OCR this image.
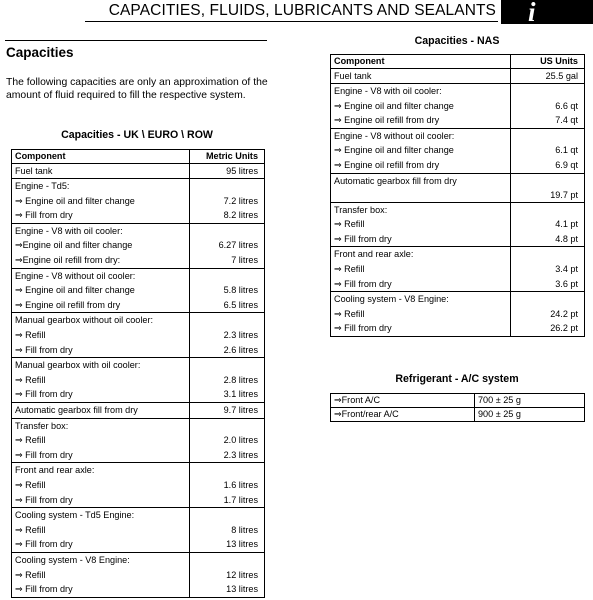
CAPACITIES, FLUIDS, LUBRICANTS AND SEALANTS i
Capacities

The following capacities are only an approximation of the amount of fluid required to fill the respective system.

Capacities - UK \ EURO \ ROW
Component	Metric Units
Fuel tank	95 litres
Engine - Td5:	
⇒ Engine oil and filter change	7.2 litres
⇒ Fill from dry	8.2 litres
Engine - V8 with oil cooler:	
⇒Engine oil and filter change	6.27 litres
⇒Engine oil refill from dry:	7 litres
Engine - V8 without oil cooler:	
⇒ Engine oil and filter change	5.8 litres
⇒ Engine oil refill from dry	6.5 litres
Manual gearbox without oil cooler:	
⇒ Refill	2.3 litres
⇒ Fill from dry	2.6 litres
Manual gearbox with oil cooler:	
⇒ Refill	2.8 litres
⇒ Fill from dry	3.1 litres
Automatic gearbox fill from dry	9.7 litres
Transfer box:	
⇒ Refill	2.0 litres
⇒ Fill from dry	2.3 litres
Front and rear axle:	
⇒ Refill	1.6 litres
⇒ Fill from dry	1.7 litres
Cooling system - Td5 Engine:	
⇒ Refill	8 litres
⇒ Fill from dry	13 litres
Cooling system - V8 Engine:	
⇒ Refill	12 litres
⇒ Fill from dry	13 litres
Capacities - NAS
Component	US Units
Fuel tank	25.5 gal
Engine - V8 with oil cooler:	
⇒ Engine oil and filter change	6.6 qt
⇒ Engine oil refill from dry	7.4 qt
Engine - V8 without oil cooler:	
⇒ Engine oil and filter change	6.1 qt
⇒ Engine oil refill from dry	6.9 qt
Automatic gearbox fill from dry	19.7 pt
Transfer box:	
⇒ Refill	4.1 pt
⇒ Fill from dry	4.8 pt
Front and rear axle:	
⇒ Refill	3.4 pt
⇒ Fill from dry	3.6 pt
Cooling system - V8 Engine:	
⇒ Refill	24.2 pt
⇒ Fill from dry	26.2 pt
Refrigerant - A/C system
⇒Front A/C	700 ± 25 g
⇒Front/rear A/C	900 ± 25 g
